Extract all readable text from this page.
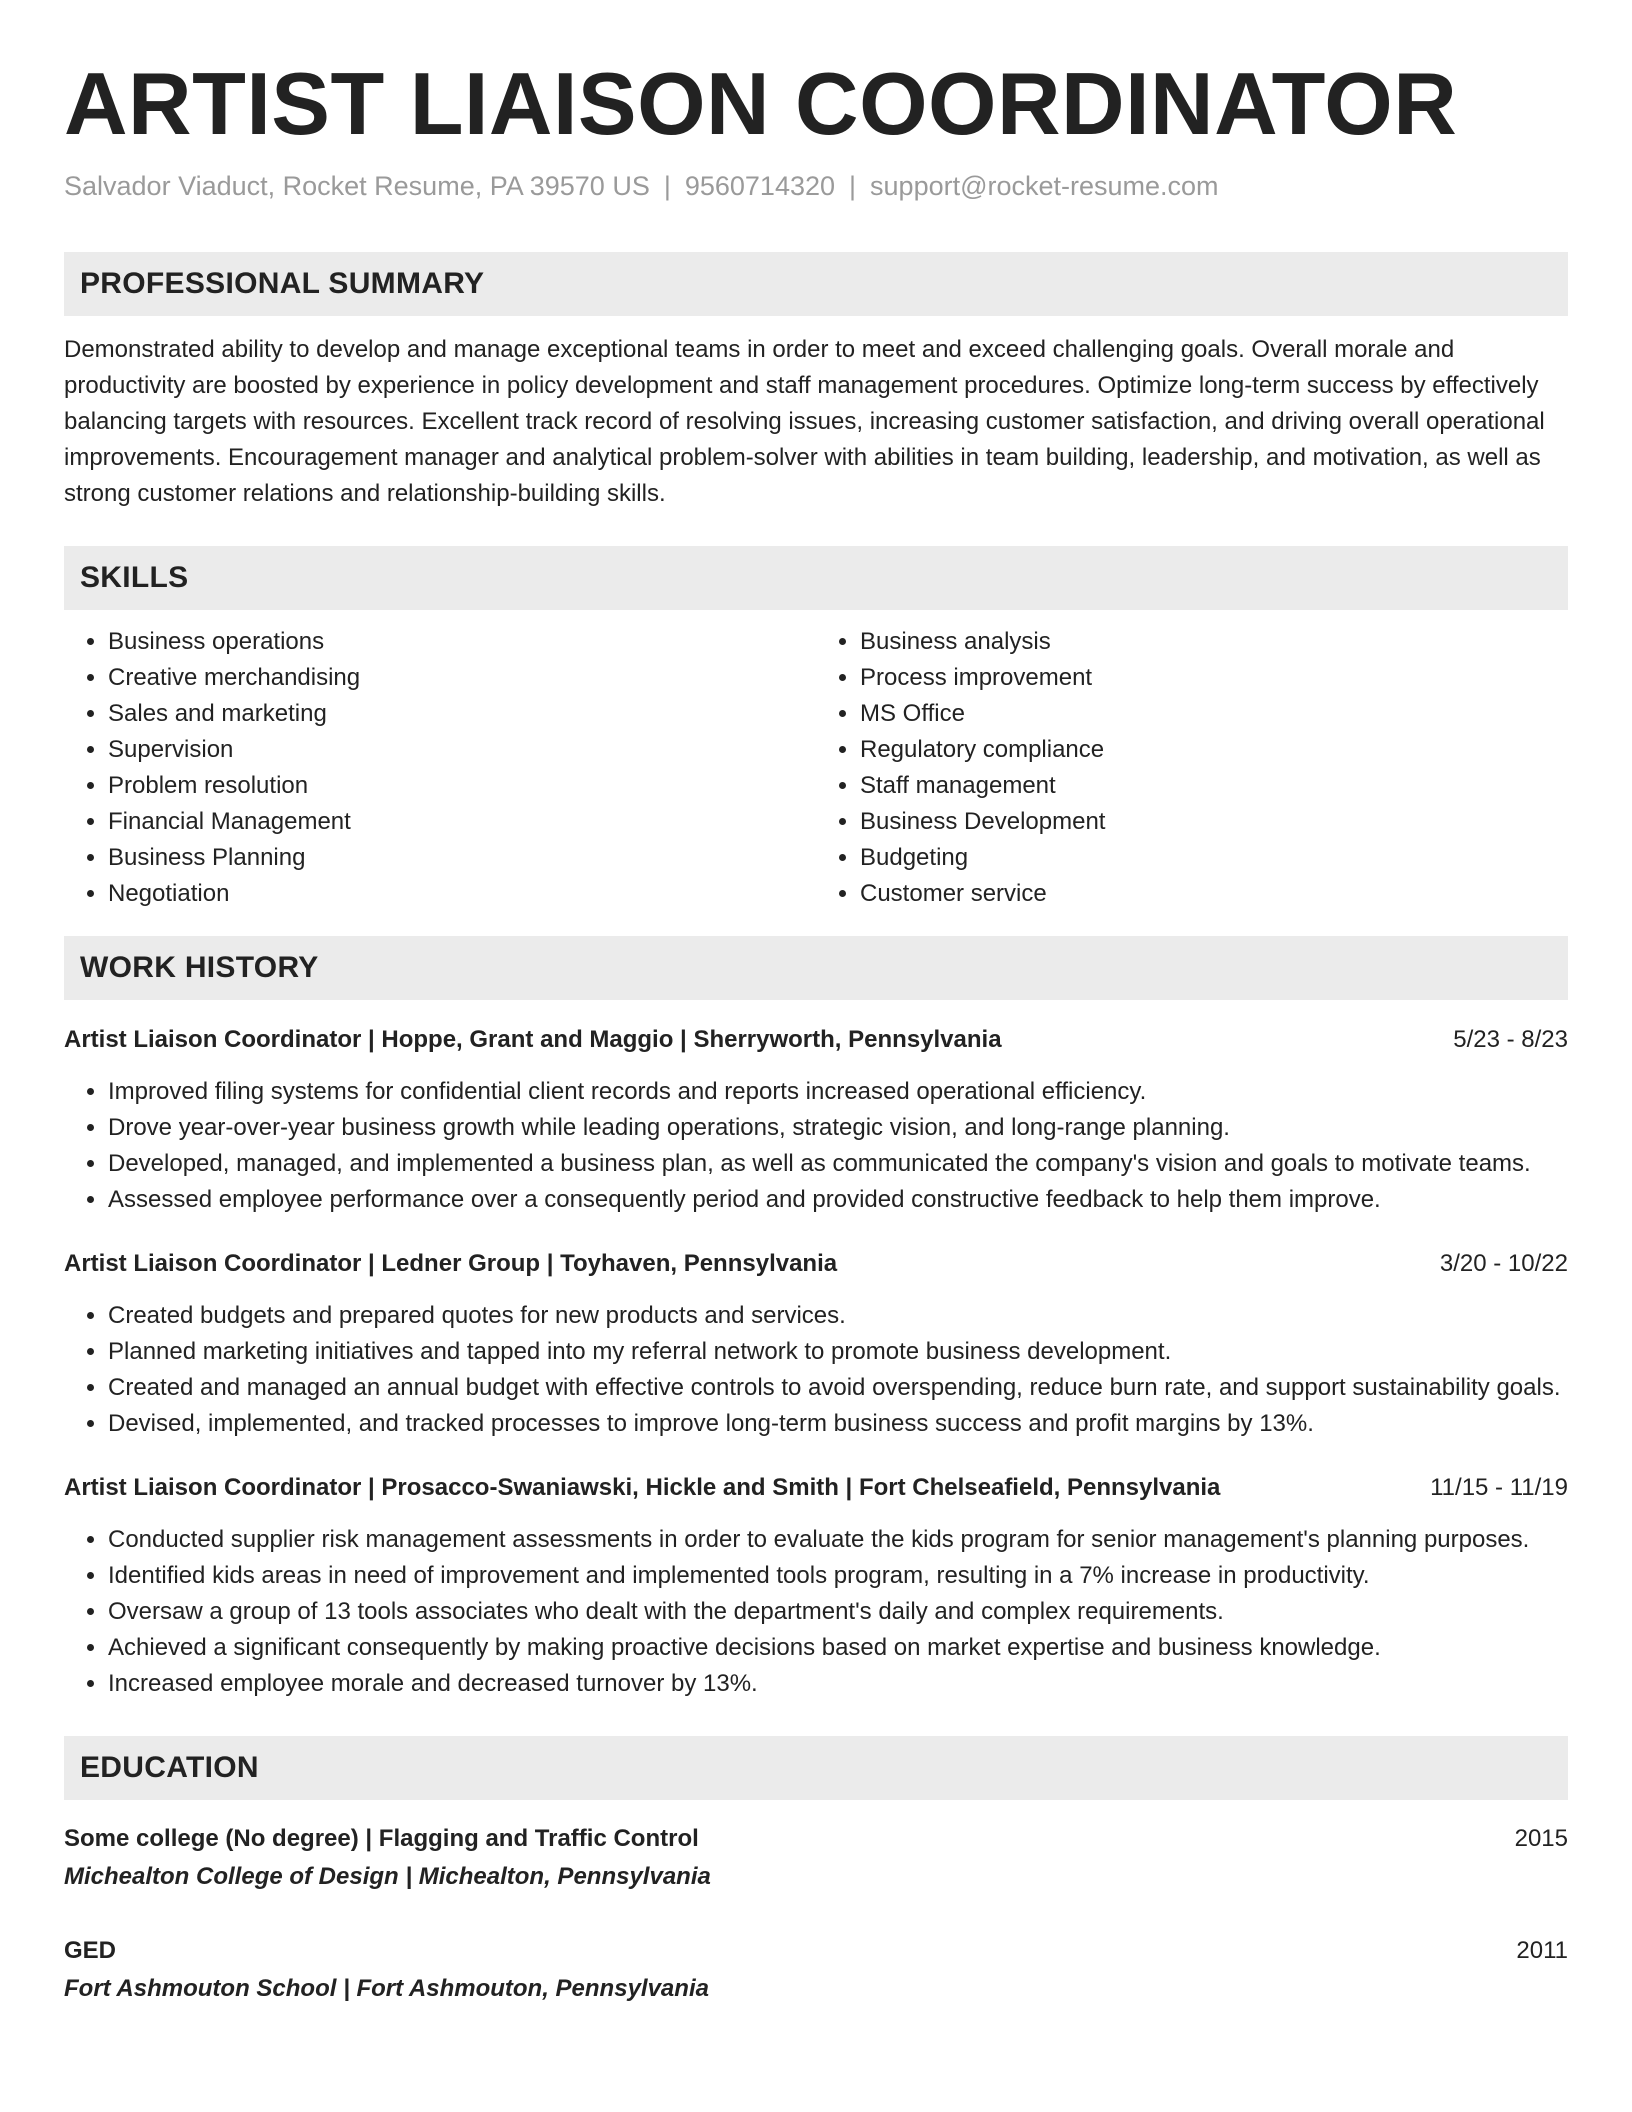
ARTIST LIAISON COORDINATOR
Salvador Viaduct, Rocket Resume, PA 39570 US | 9560714320 | support@rocket-resume.com
PROFESSIONAL SUMMARY
Demonstrated ability to develop and manage exceptional teams in order to meet and exceed challenging goals. Overall morale and productivity are boosted by experience in policy development and staff management procedures. Optimize long-term success by effectively balancing targets with resources. Excellent track record of resolving issues, increasing customer satisfaction, and driving overall operational improvements. Encouragement manager and analytical problem-solver with abilities in team building, leadership, and motivation, as well as strong customer relations and relationship-building skills.
SKILLS
• Business operations
• Creative merchandising
• Sales and marketing
• Supervision
• Problem resolution
• Financial Management
• Business Planning
• Negotiation
• Business analysis
• Process improvement
• MS Office
• Regulatory compliance
• Staff management
• Business Development
• Budgeting
• Customer service
WORK HISTORY
Artist Liaison Coordinator | Hoppe, Grant and Maggio | Sherryworth, Pennsylvania	5/23 - 8/23
• Improved filing systems for confidential client records and reports increased operational efficiency.
• Drove year-over-year business growth while leading operations, strategic vision, and long-range planning.
• Developed, managed, and implemented a business plan, as well as communicated the company's vision and goals to motivate teams.
• Assessed employee performance over a consequently period and provided constructive feedback to help them improve.
Artist Liaison Coordinator | Ledner Group | Toyhaven, Pennsylvania	3/20 - 10/22
• Created budgets and prepared quotes for new products and services.
• Planned marketing initiatives and tapped into my referral network to promote business development.
• Created and managed an annual budget with effective controls to avoid overspending, reduce burn rate, and support sustainability goals.
• Devised, implemented, and tracked processes to improve long-term business success and profit margins by 13%.
Artist Liaison Coordinator | Prosacco-Swaniawski, Hickle and Smith | Fort Chelseafield, Pennsylvania	11/15 - 11/19
• Conducted supplier risk management assessments in order to evaluate the kids program for senior management's planning purposes.
• Identified kids areas in need of improvement and implemented tools program, resulting in a 7% increase in productivity.
• Oversaw a group of 13 tools associates who dealt with the department's daily and complex requirements.
• Achieved a significant consequently by making proactive decisions based on market expertise and business knowledge.
• Increased employee morale and decreased turnover by 13%.
EDUCATION
Some college (No degree) | Flagging and Traffic Control	2015
Michealton College of Design | Michealton, Pennsylvania
GED	2011
Fort Ashmouton School | Fort Ashmouton, Pennsylvania
